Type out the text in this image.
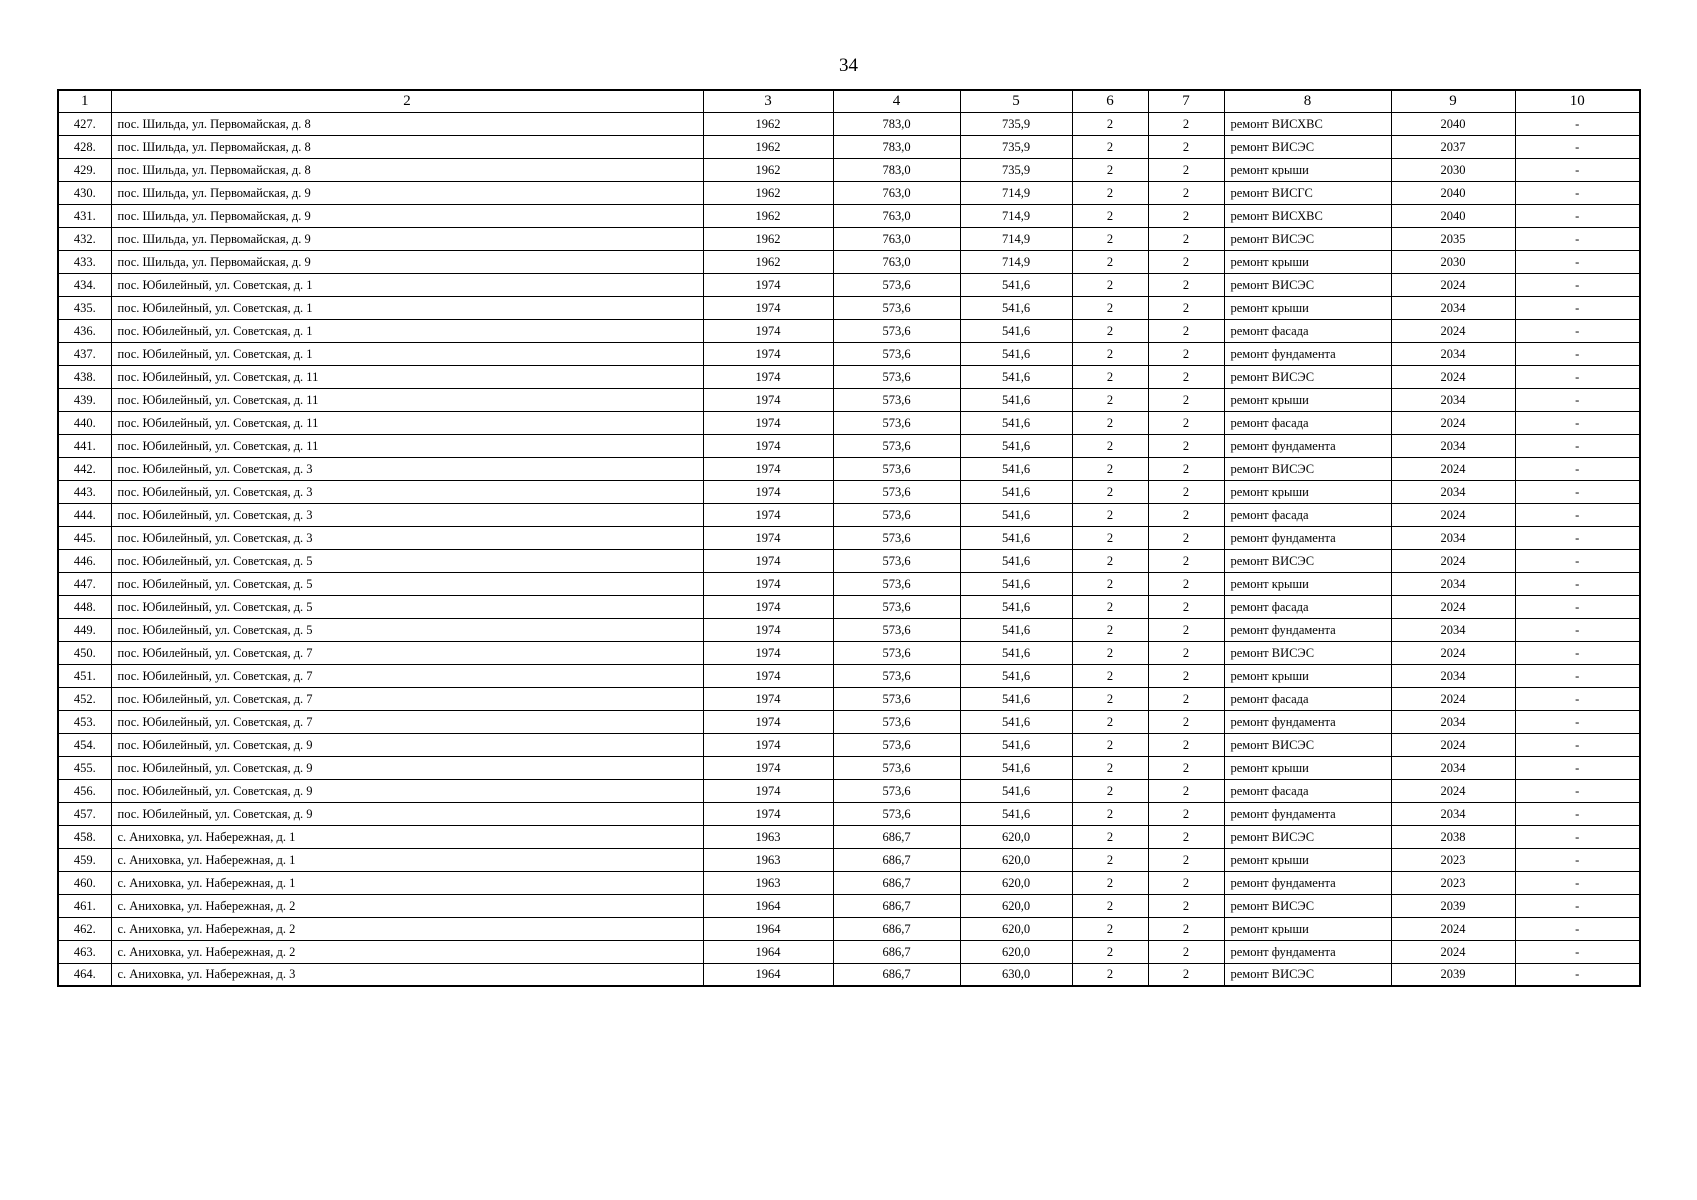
34
1	2	3	4	5	6	7	8	9	10
427.	пос. Шильда, ул. Первомайская, д. 8	1962	783,0	735,9	2	2	ремонт ВИСХВС	2040	-
428.	пос. Шильда, ул. Первомайская, д. 8	1962	783,0	735,9	2	2	ремонт ВИСЭС	2037	-
429.	пос. Шильда, ул. Первомайская, д. 8	1962	783,0	735,9	2	2	ремонт крыши	2030	-
430.	пос. Шильда, ул. Первомайская, д. 9	1962	763,0	714,9	2	2	ремонт ВИСГС	2040	-
431.	пос. Шильда, ул. Первомайская, д. 9	1962	763,0	714,9	2	2	ремонт ВИСХВС	2040	-
432.	пос. Шильда, ул. Первомайская, д. 9	1962	763,0	714,9	2	2	ремонт ВИСЭС	2035	-
433.	пос. Шильда, ул. Первомайская, д. 9	1962	763,0	714,9	2	2	ремонт крыши	2030	-
434.	пос. Юбилейный, ул. Советская, д. 1	1974	573,6	541,6	2	2	ремонт ВИСЭС	2024	-
435.	пос. Юбилейный, ул. Советская, д. 1	1974	573,6	541,6	2	2	ремонт крыши	2034	-
436.	пос. Юбилейный, ул. Советская, д. 1	1974	573,6	541,6	2	2	ремонт фасада	2024	-
437.	пос. Юбилейный, ул. Советская, д. 1	1974	573,6	541,6	2	2	ремонт фундамента	2034	-
438.	пос. Юбилейный, ул. Советская, д. 11	1974	573,6	541,6	2	2	ремонт ВИСЭС	2024	-
439.	пос. Юбилейный, ул. Советская, д. 11	1974	573,6	541,6	2	2	ремонт крыши	2034	-
440.	пос. Юбилейный, ул. Советская, д. 11	1974	573,6	541,6	2	2	ремонт фасада	2024	-
441.	пос. Юбилейный, ул. Советская, д. 11	1974	573,6	541,6	2	2	ремонт фундамента	2034	-
442.	пос. Юбилейный, ул. Советская, д. 3	1974	573,6	541,6	2	2	ремонт ВИСЭС	2024	-
443.	пос. Юбилейный, ул. Советская, д. 3	1974	573,6	541,6	2	2	ремонт крыши	2034	-
444.	пос. Юбилейный, ул. Советская, д. 3	1974	573,6	541,6	2	2	ремонт фасада	2024	-
445.	пос. Юбилейный, ул. Советская, д. 3	1974	573,6	541,6	2	2	ремонт фундамента	2034	-
446.	пос. Юбилейный, ул. Советская, д. 5	1974	573,6	541,6	2	2	ремонт ВИСЭС	2024	-
447.	пос. Юбилейный, ул. Советская, д. 5	1974	573,6	541,6	2	2	ремонт крыши	2034	-
448.	пос. Юбилейный, ул. Советская, д. 5	1974	573,6	541,6	2	2	ремонт фасада	2024	-
449.	пос. Юбилейный, ул. Советская, д. 5	1974	573,6	541,6	2	2	ремонт фундамента	2034	-
450.	пос. Юбилейный, ул. Советская, д. 7	1974	573,6	541,6	2	2	ремонт ВИСЭС	2024	-
451.	пос. Юбилейный, ул. Советская, д. 7	1974	573,6	541,6	2	2	ремонт крыши	2034	-
452.	пос. Юбилейный, ул. Советская, д. 7	1974	573,6	541,6	2	2	ремонт фасада	2024	-
453.	пос. Юбилейный, ул. Советская, д. 7	1974	573,6	541,6	2	2	ремонт фундамента	2034	-
454.	пос. Юбилейный, ул. Советская, д. 9	1974	573,6	541,6	2	2	ремонт ВИСЭС	2024	-
455.	пос. Юбилейный, ул. Советская, д. 9	1974	573,6	541,6	2	2	ремонт крыши	2034	-
456.	пос. Юбилейный, ул. Советская, д. 9	1974	573,6	541,6	2	2	ремонт фасада	2024	-
457.	пос. Юбилейный, ул. Советская, д. 9	1974	573,6	541,6	2	2	ремонт фундамента	2034	-
458.	с. Аниховка, ул. Набережная, д. 1	1963	686,7	620,0	2	2	ремонт ВИСЭС	2038	-
459.	с. Аниховка, ул. Набережная, д. 1	1963	686,7	620,0	2	2	ремонт крыши	2023	-
460.	с. Аниховка, ул. Набережная, д. 1	1963	686,7	620,0	2	2	ремонт фундамента	2023	-
461.	с. Аниховка, ул. Набережная, д. 2	1964	686,7	620,0	2	2	ремонт ВИСЭС	2039	-
462.	с. Аниховка, ул. Набережная, д. 2	1964	686,7	620,0	2	2	ремонт крыши	2024	-
463.	с. Аниховка, ул. Набережная, д. 2	1964	686,7	620,0	2	2	ремонт фундамента	2024	-
464.	с. Аниховка, ул. Набережная, д. 3	1964	686,7	630,0	2	2	ремонт ВИСЭС	2039	-
